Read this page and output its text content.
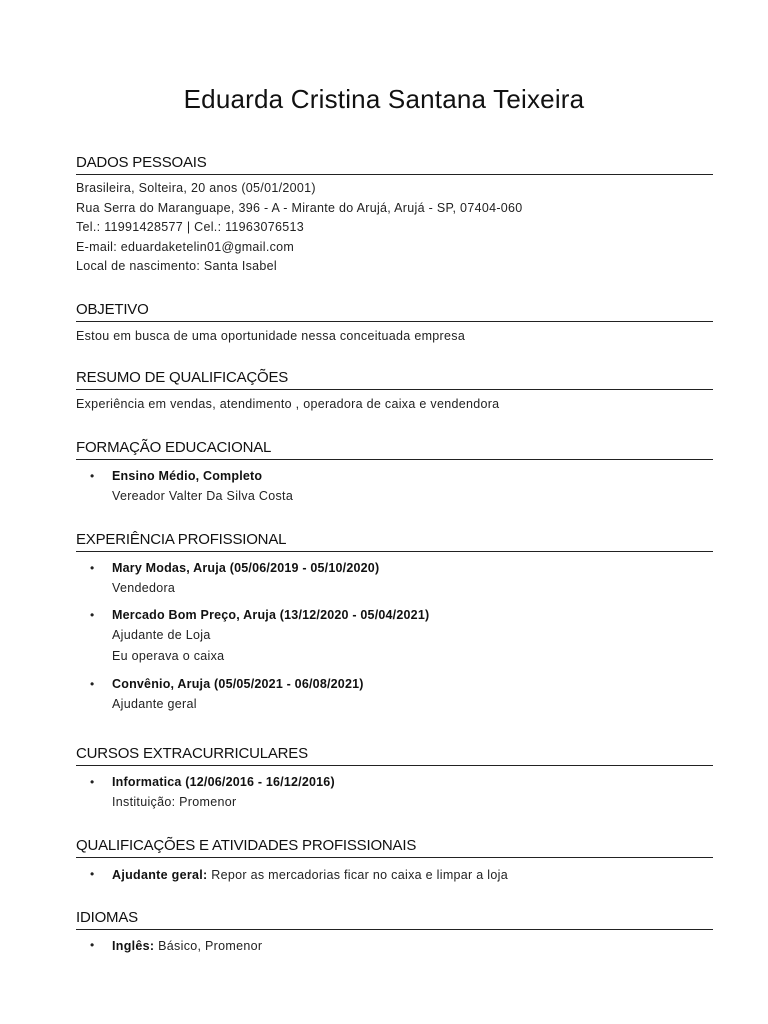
Eduarda Cristina Santana Teixeira
DADOS PESSOAIS
Brasileira, Solteira, 20 anos (05/01/2001)
Rua Serra do Maranguape, 396 - A - Mirante do Arujá, Arujá - SP, 07404-060
Tel.: 11991428577 | Cel.: 11963076513
E-mail: eduardaketelin01@gmail.com
Local de nascimento: Santa Isabel
OBJETIVO
Estou em busca de uma oportunidade nessa conceituada empresa
RESUMO DE QUALIFICAÇÕES
Experiência em vendas, atendimento , operadora de caixa e vendendora
FORMAÇÃO EDUCACIONAL
• Ensino Médio, Completo
Vereador Valter Da Silva Costa
EXPERIÊNCIA PROFISSIONAL
• Mary Modas, Aruja (05/06/2019 - 05/10/2020)
Vendedora
• Mercado Bom Preço, Aruja (13/12/2020 - 05/04/2021)
Ajudante de Loja
Eu operava o caixa
• Convênio, Aruja (05/05/2021 - 06/08/2021)
Ajudante geral
CURSOS EXTRACURRICULARES
• Informatica (12/06/2016 - 16/12/2016)
Instituição: Promenor
QUALIFICAÇÕES E ATIVIDADES PROFISSIONAIS
• Ajudante geral: Repor as mercadorias ficar no caixa e limpar a loja
IDIOMAS
• Inglês: Básico, Promenor
